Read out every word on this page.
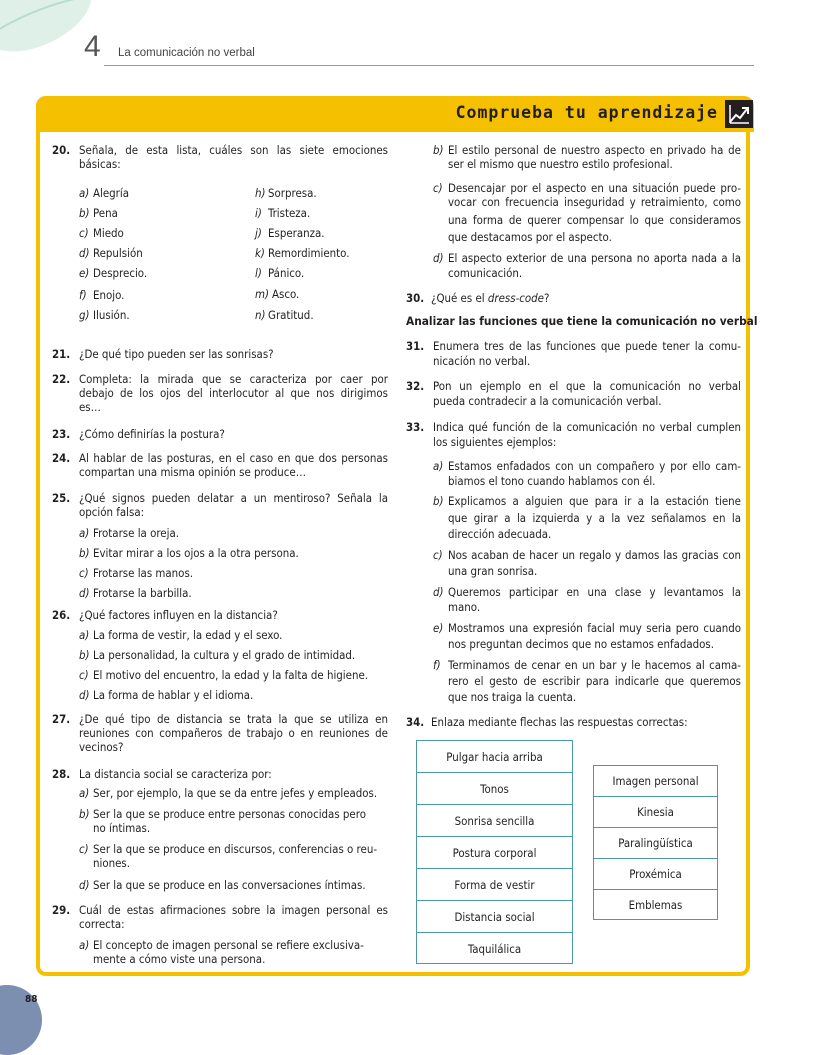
4 La comunicación no verbal
Comprueba tu aprendizaje
20. Señala, de esta lista, cuáles son las siete emociones
básicas:
a) Alegría
b) Pena
c) Miedo
d) Repulsión
e) Desprecio.
f) Enojo.
g) Ilusión.
h) Sorpresa.
i) Tristeza.
j) Esperanza.
k) Remordimiento.
l) Pánico.
m) Asco.
n) Gratitud.
21. ¿De qué tipo pueden ser las sonrisas?
22. Completa: la mirada que se caracteriza por caer por
debajo de los ojos del interlocutor al que nos dirigimos
es…
23. ¿Cómo definirías la postura?
24. Al hablar de las posturas, en el caso en que dos personas
compartan una misma opinión se produce…
25. ¿Qué signos pueden delatar a un mentiroso? Señala la
opción falsa:
a) Frotarse la oreja.
b) Evitar mirar a los ojos a la otra persona.
c) Frotarse las manos.
d) Frotarse la barbilla.
26. ¿Qué factores influyen en la distancia?
a) La forma de vestir, la edad y el sexo.
b) La personalidad, la cultura y el grado de intimidad.
c) El motivo del encuentro, la edad y la falta de higiene.
d) La forma de hablar y el idioma.
27. ¿De qué tipo de distancia se trata la que se utiliza en
reuniones con compañeros de trabajo o en reuniones de
vecinos?
28. La distancia social se caracteriza por:
a) Ser, por ejemplo, la que se da entre jefes y empleados.
b) Ser la que se produce entre personas conocidas pero
no íntimas.
c) Ser la que se produce en discursos, conferencias o reu-
niones.
d) Ser la que se produce en las conversaciones íntimas.
29. Cuál de estas afirmaciones sobre la imagen personal es
correcta:
a) El concepto de imagen personal se refiere exclusiva-
mente a cómo viste una persona.
b) El estilo personal de nuestro aspecto en privado ha de
ser el mismo que nuestro estilo profesional.
c) Desencajar por el aspecto en una situación puede pro-
vocar con frecuencia inseguridad y retraimiento, como
una forma de querer compensar lo que consideramos
que destacamos por el aspecto.
d) El aspecto exterior de una persona no aporta nada a la
comunicación.
30. ¿Qué es el dress-code?
Analizar las funciones que tiene la comunicación no verbal
31. Enumera tres de las funciones que puede tener la comu-
nicación no verbal.
32. Pon un ejemplo en el que la comunicación no verbal
pueda contradecir a la comunicación verbal.
33. Indica qué función de la comunicación no verbal cumplen
los siguientes ejemplos:
a) Estamos enfadados con un compañero y por ello cam-
biamos el tono cuando hablamos con él.
b) Explicamos a alguien que para ir a la estación tiene
que girar a la izquierda y a la vez señalamos en la
dirección adecuada.
c) Nos acaban de hacer un regalo y damos las gracias con
una gran sonrisa.
d) Queremos participar en una clase y levantamos la
mano.
e) Mostramos una expresión facial muy seria pero cuando
nos preguntan decimos que no estamos enfadados.
f) Terminamos de cenar en un bar y le hacemos al cama-
rero el gesto de escribir para indicarle que queremos
que nos traiga la cuenta.
34. Enlaza mediante flechas las respuestas correctas:
Pulgar hacia arriba
Tonos
Sonrisa sencilla
Postura corporal
Forma de vestir
Distancia social
Taquilálica
Imagen personal
Kinesia
Paralingüística
Proxémica
Emblemas
88
